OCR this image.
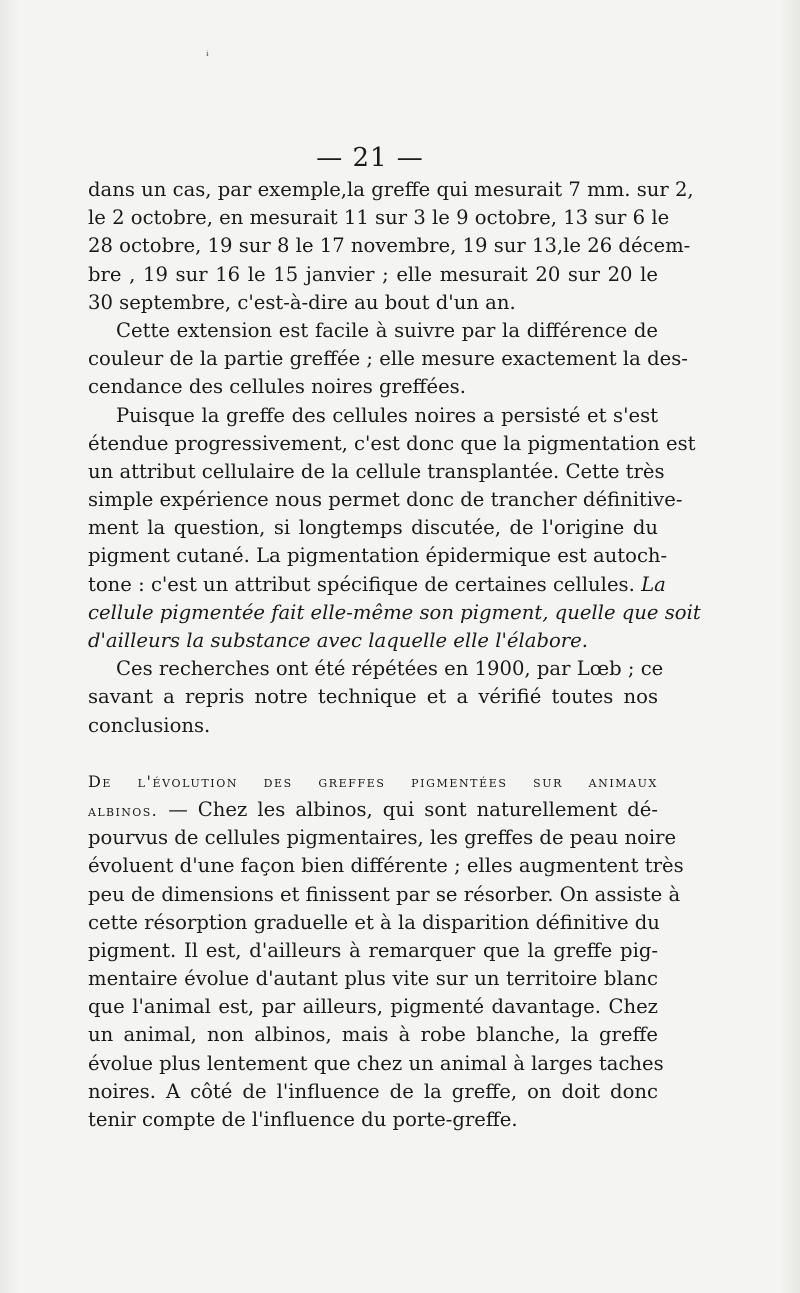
ᶤ
— 21 —
dans un cas, par exemple,la greffe qui mesurait 7 mm. sur 2,
le 2 octobre, en mesurait 11 sur 3 le 9 octobre, 13 sur 6 le
28 octobre, 19 sur 8 le 17 novembre, 19 sur 13,le 26 décem-
bre , 19 sur 16 le 15 janvier ; elle mesurait 20 sur 20 le
30 septembre, c'est-à-dire au bout d'un an.
Cette extension est facile à suivre par la différence de
couleur de la partie greffée ; elle mesure exactement la des-
cendance des cellules noires greffées.
Puisque la greffe des cellules noires a persisté et s'est
étendue progressivement, c'est donc que la pigmentation est
un attribut cellulaire de la cellule transplantée. Cette très
simple expérience nous permet donc de trancher définitive-
ment la question, si longtemps discutée, de l'origine du
pigment cutané. La pigmentation épidermique est autoch-
tone : c'est un attribut spécifique de certaines cellules. La
cellule pigmentée fait elle-même son pigment, quelle que soit
d'ailleurs la substance avec laquelle elle l'élabore.
Ces recherches ont été répétées en 1900, par Lœb ; ce
savant a repris notre technique et a vérifié toutes nos
conclusions.
De l'évolution des greffes pigmentées sur animaux
albinos. — Chez les albinos, qui sont naturellement dé-
pourvus de cellules pigmentaires, les greffes de peau noire
évoluent d'une façon bien différente ; elles augmentent très
peu de dimensions et finissent par se résorber. On assiste à
cette résorption graduelle et à la disparition définitive du
pigment. Il est, d'ailleurs à remarquer que la greffe pig-
mentaire évolue d'autant plus vite sur un territoire blanc
que l'animal est, par ailleurs, pigmenté davantage. Chez
un animal, non albinos, mais à robe blanche, la greffe
évolue plus lentement que chez un animal à larges taches
noires. A côté de l'influence de la greffe, on doit donc
tenir compte de l'influence du porte-greffe.
